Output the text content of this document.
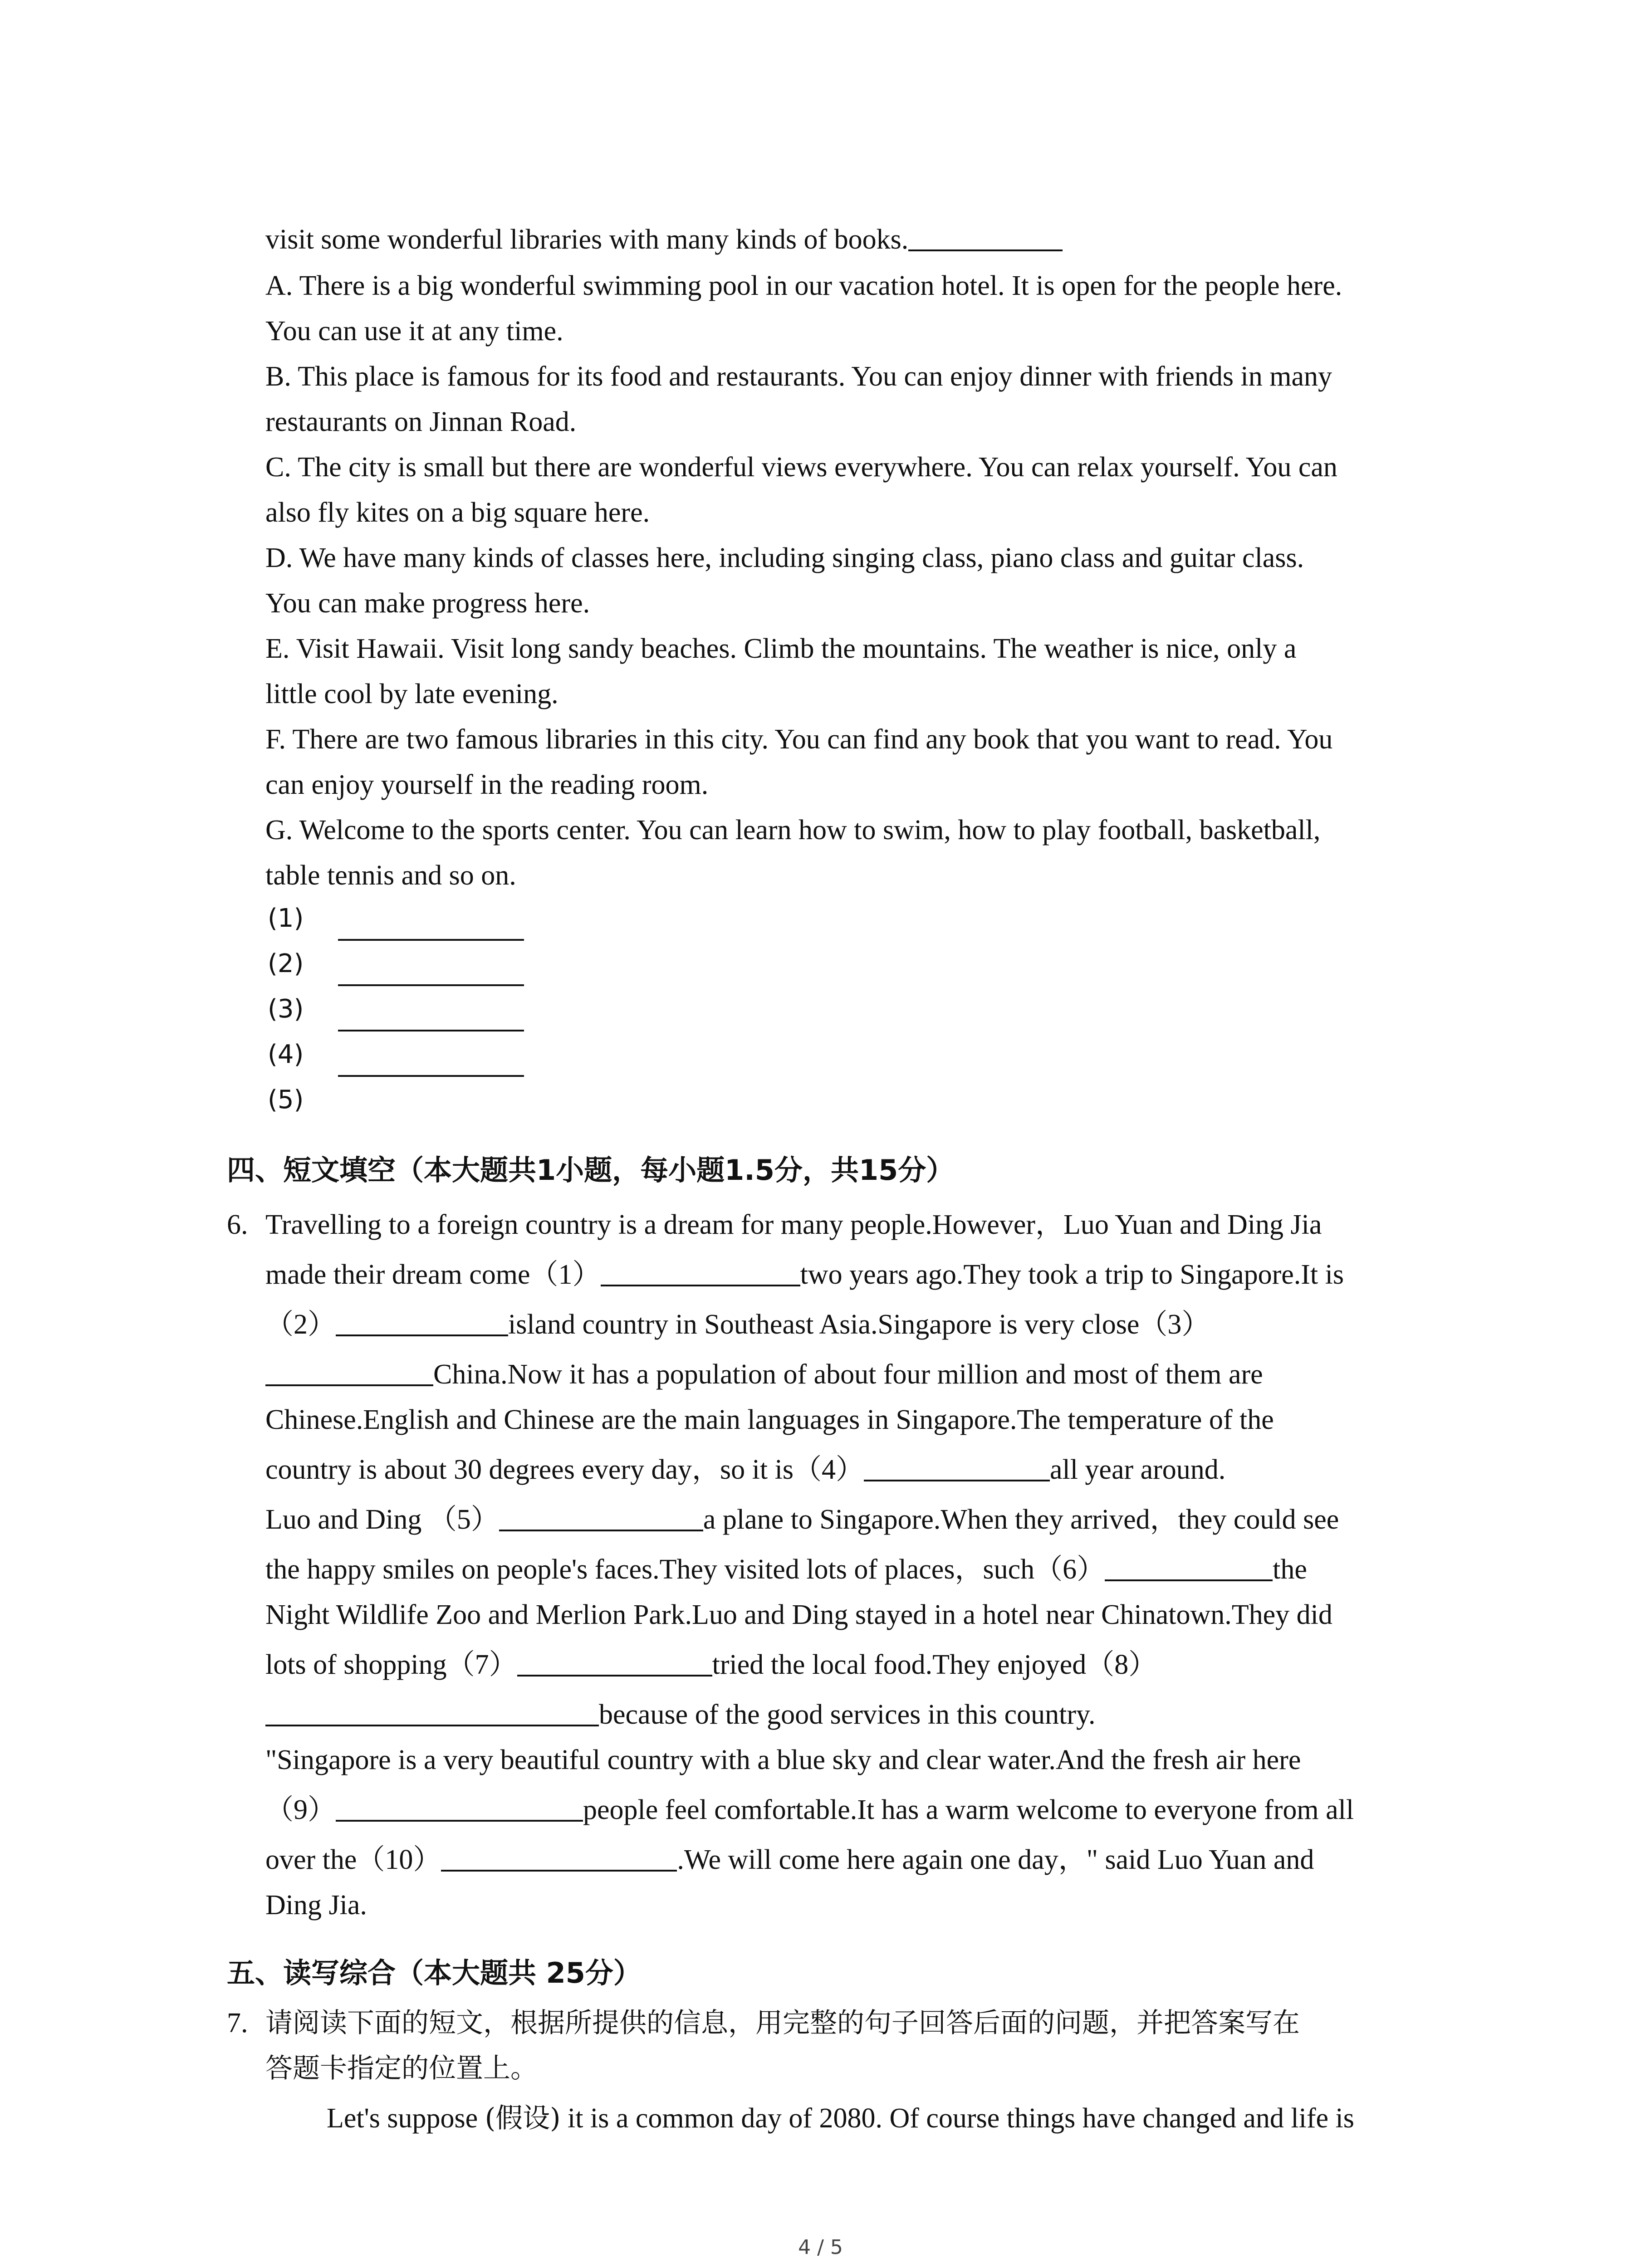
visit some wonderful libraries with many kinds of books.
A. There is a big wonderful swimming pool in our vacation hotel. It is open for the people here.
You can use it at any time.
B. This place is famous for its food and restaurants. You can enjoy dinner with friends in many
restaurants on Jinnan Road.
C. The city is small but there are wonderful views everywhere. You can relax yourself. You can
also fly kites on a big square here.
D. We have many kinds of classes here, including singing class, piano class and guitar class.
You can make progress here.
E. Visit Hawaii. Visit long sandy beaches. Climb the mountains. The weather is nice, only a
little cool by late evening.
F. There are two famous libraries in this city. You can find any book that you want to read. You
can enjoy yourself in the reading room.
G. Welcome to the sports center. You can learn how to swim, how to play football, basketball,
table tennis and so on.
(1)
(2)
(3)
(4)
(5)
四、短文填空（本大题共1小题，每小题1.5分，共15分）
6. Travelling to a foreign country is a dream for many people.However，Luo Yuan and Ding Jia
made their dream come（1）	two years ago.They took a trip to Singapore.It is
（2）	island country in Southeast Asia.Singapore is very close（3）
China.Now it has a population of about four million and most of them are
Chinese.English and Chinese are the main languages in Singapore.The temperature of the
country is about 30 degrees every day，so it is（4）	all year around.
Luo and Ding （5）	a plane to Singapore.When they arrived，they could see
the happy smiles on people's faces.They visited lots of places，such（6）	the
Night Wildlife Zoo and Merlion Park.Luo and Ding stayed in a hotel near Chinatown.They did
lots of shopping（7）	tried the local food.They enjoyed（8）
because of the good services in this country.
"Singapore is a very beautiful country with a blue sky and clear water.And the fresh air here
（9）	people feel comfortable.It has a warm welcome to everyone from all
over the（10）	.We will come here again one day，" said Luo Yuan and
Ding Jia.
五、读写综合（本大题共 25分）
7. 请阅读下面的短文，根据所提供的信息，用完整的句子回答后面的问题，并把答案写在
答题卡指定的位置上。
Let's suppose (假设) it is a common day of 2080. Of course things have changed and life is
4 / 5
